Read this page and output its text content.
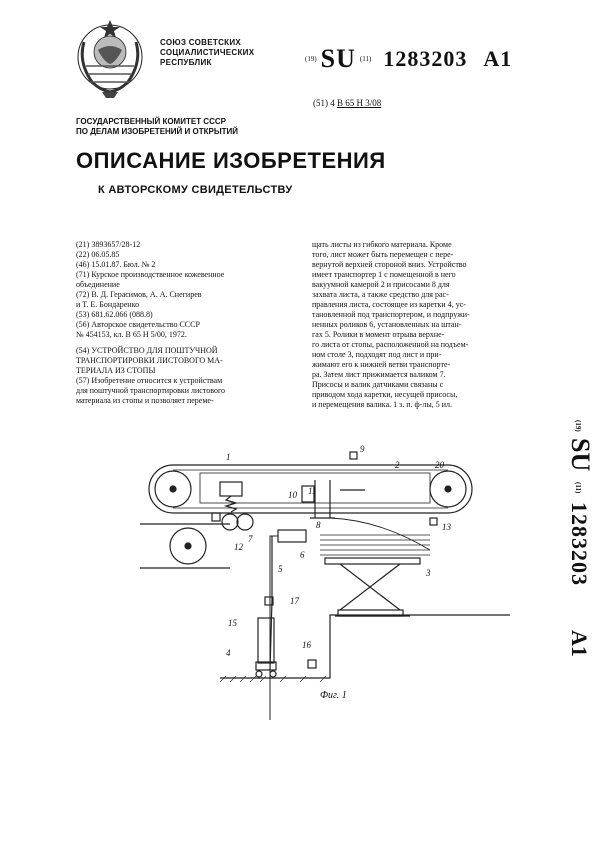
СОЮЗ СОВЕТСКИХ
СОЦИАЛИСТИЧЕСКИХ
РЕСПУБЛИК	(19) SU (11) 1283203 A1
(51) 4 В 65 Н 3/08
ГОСУДАРСТВЕННЫЙ КОМИТЕТ СССР
ПО ДЕЛАМ ИЗОБРЕТЕНИЙ И ОТКРЫТИЙ
ОПИСАНИЕ ИЗОБРЕТЕНИЯ
К АВТОРСКОМУ СВИДЕТЕЛЬСТВУ
(21) 3893657/28-12
(22) 06.05.85
(46) 15.01.87. Бюл. № 2
(71) Курское производственное кожевенное
объединение
(72) В. Д. Герасимов, А. А. Снегирев
и Т. Е. Бондаренко
(53) 681.62.066 (088.8)
(56) Авторское свидетельство СССР
№ 454153, кл. В 65 Н 5/00, 1972.
(54) УСТРОЙСТВО ДЛЯ ПОШТУЧНОЙ
ТРАНСПОРТИРОВКИ ЛИСТОВОГО МА-
ТЕРИАЛА ИЗ СТОПЫ
(57) Изобретение относится к устройствам
для поштучной транспортировки листового
материала из стопы и позволяет переме-
щать листы из гибкого материала. Кроме
того, лист может быть перемещен с пере-
вернутой верхней стороной вниз. Устройство
имеет транспортер 1 с помещенной в него
вакуумной камерой 2 и присосами 8 для
захвата листа, а также средство для рас-
правления листа, состоящее из каретки 4, ус-
тановленной под транспортером, и подпружи-
ненных роликов 6, установленных на штан-
гах 5. Ролики в момент отрыва верхне-
го листа от стопы, расположенной на подъем-
ном столе 3, подходят под лист и при-
жимают его к нижней ветви транспорте-
ра. Затем лист прижимается валиком 7.
Присосы и валик датчиками связаны с
приводом хода каретки, несущей присосы,
и перемещения валика. 1 з. п. ф-лы, 5 ил.
(19)
SU
(11)
1283203
A1
1
9
2	20
10
8
11
13
7
12
6
3
5
17
15
4
16
Фиг. 1
